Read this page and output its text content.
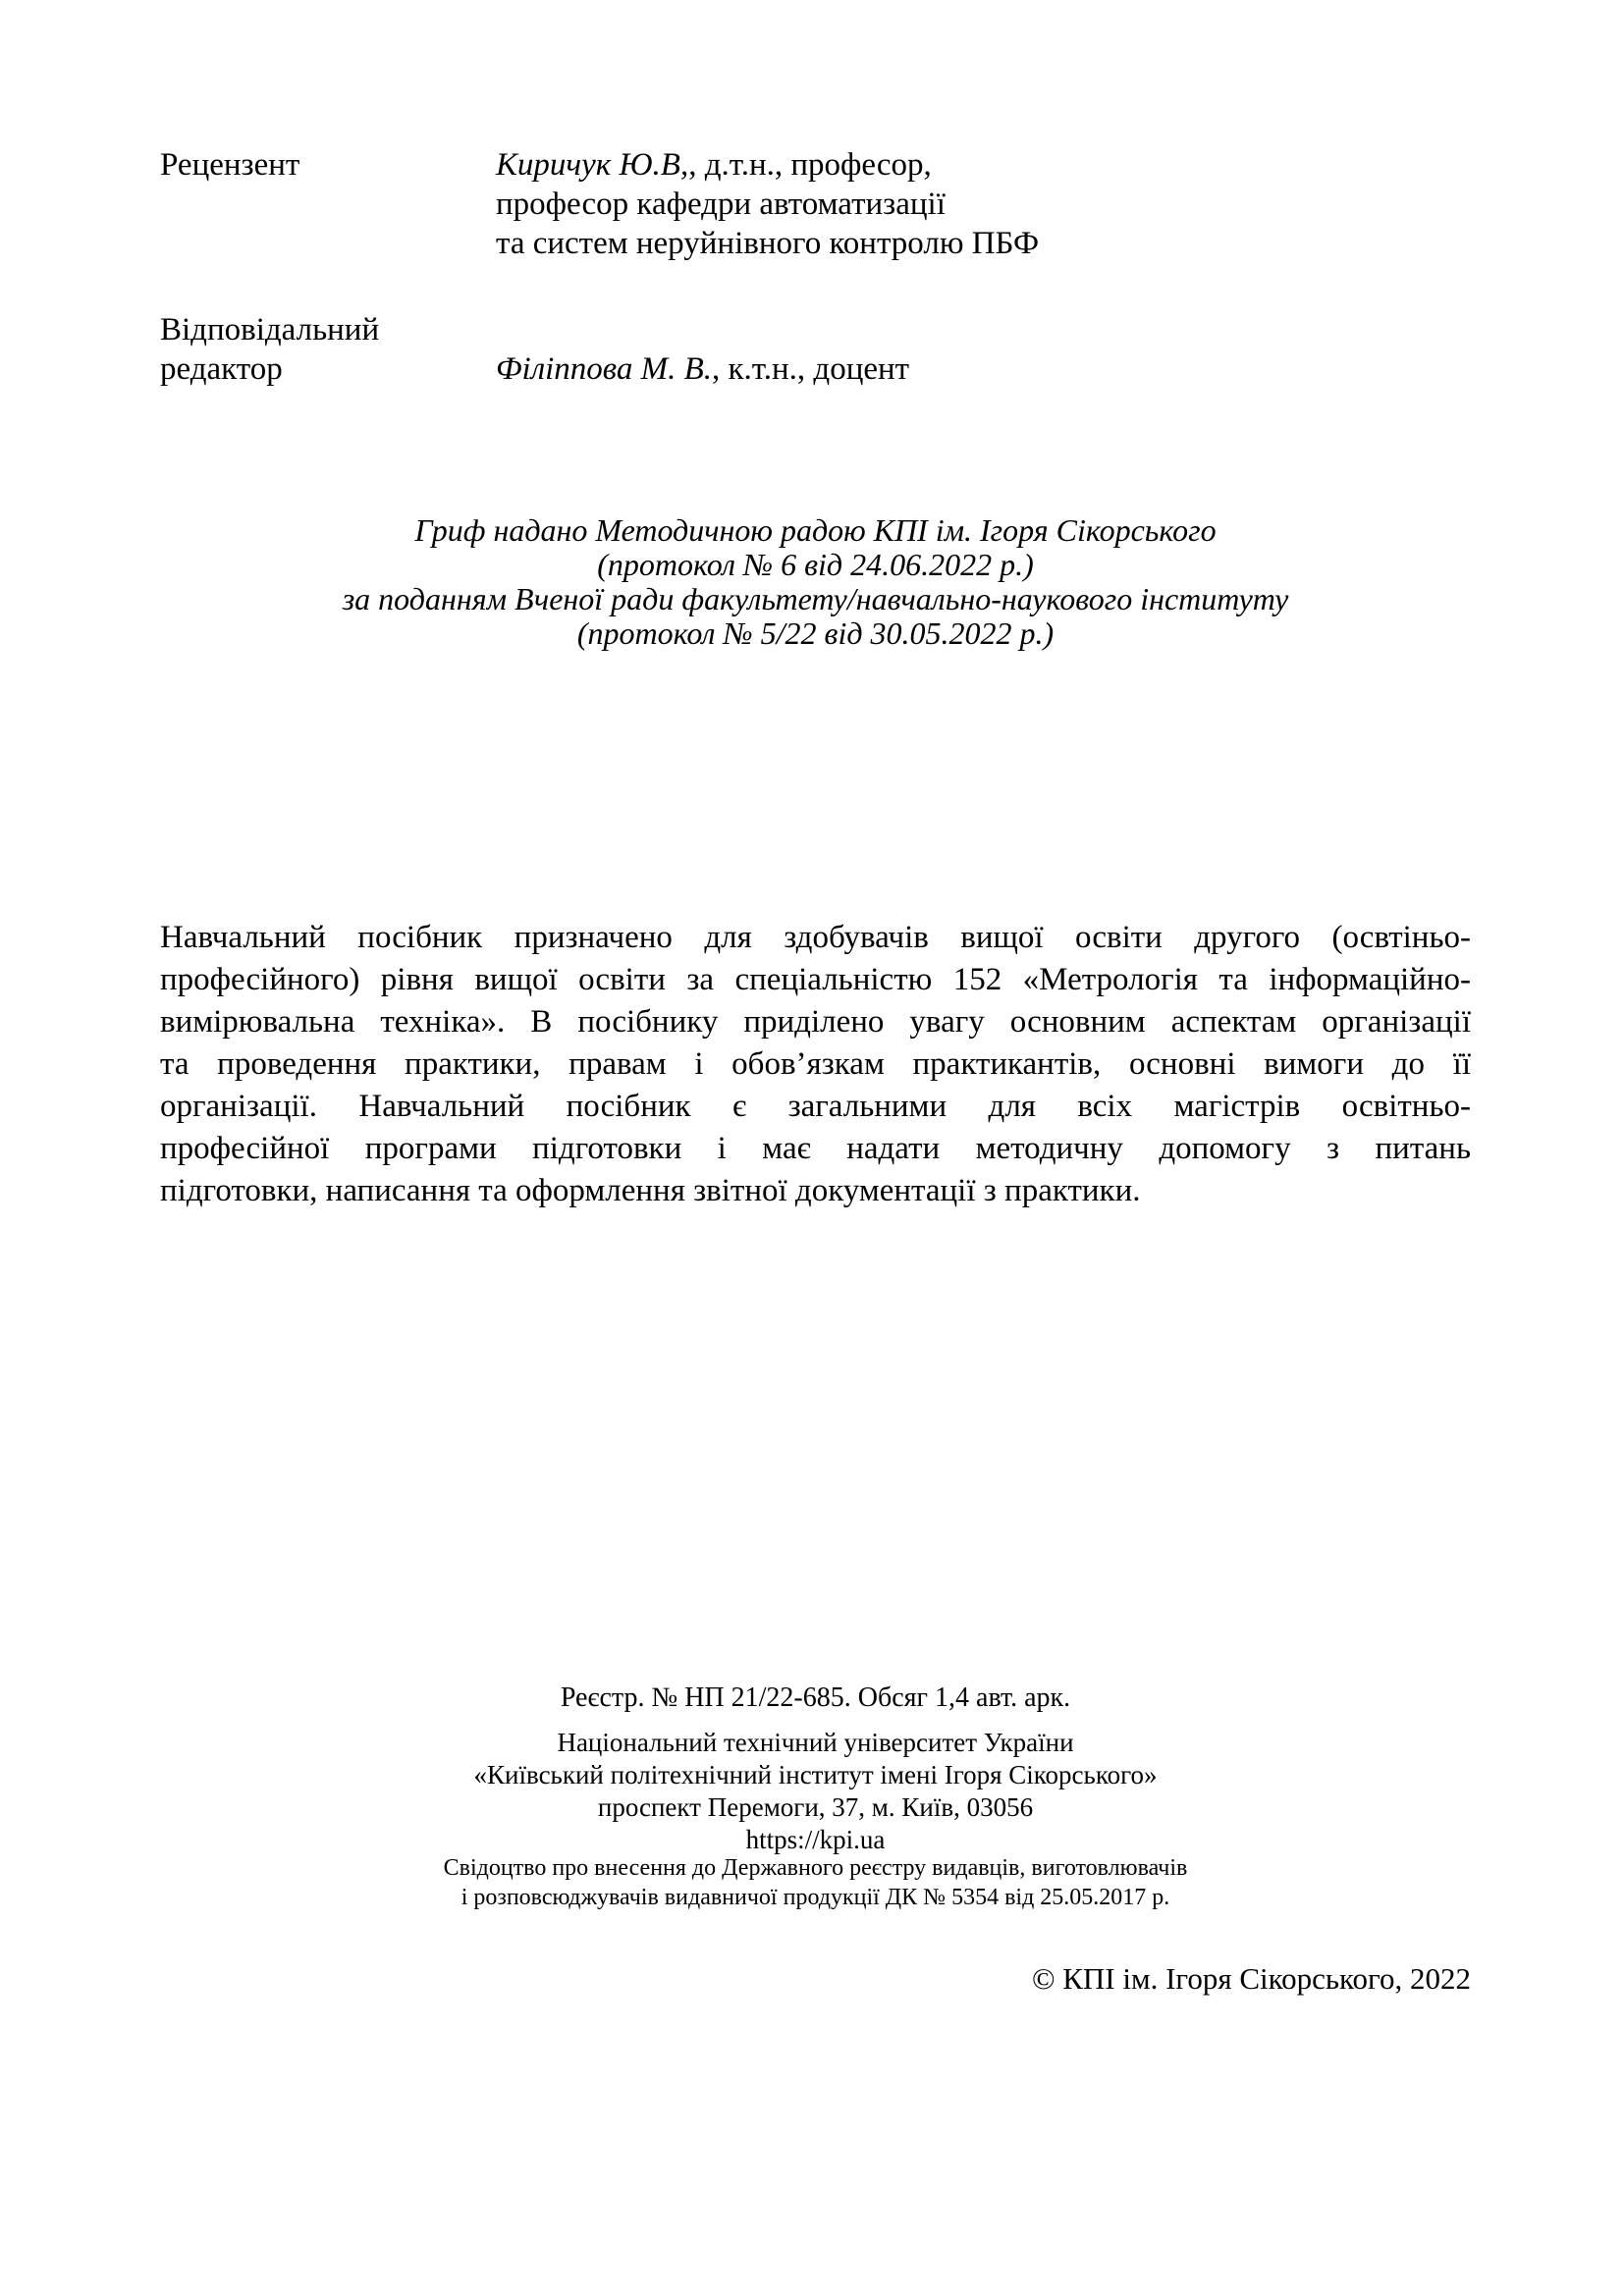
Рецензент	Киричук Ю.В,, д.т.н., професор,
професор кафедри автоматизації
та систем неруйнівного контролю ПБФ
Відповідальний
редактор	Філіппова М. В., к.т.н., доцент
Гриф надано Методичною радою КПІ ім. Ігоря Сікорського
(протокол № 6 від 24.06.2022 р.)
за поданням Вченої ради факультету/навчально-наукового інституту
(протокол № 5/22 від 30.05.2022 р.)
Навчальний посібник призначено для здобувачів вищої освіти другого (освтіньо-
професійного) рівня вищої освіти за спеціальністю 152 «Метрологія та інформаційно-
вимірювальна техніка». В посібнику приділено увагу основним аспектам організації
та проведення практики, правам і обов’язкам практикантів, основні вимоги до її
організації. Навчальний посібник є загальними для всіх магістрів освітньо-
професійної програми підготовки і має надати методичну допомогу з питань
підготовки, написання та оформлення звітної документації з практики.
Реєстр. № НП 21/22-685. Обсяг 1,4 авт. арк.
Національний технічний університет України
«Київський політехнічний інститут імені Ігоря Сікорського»
проспект Перемоги, 37, м. Київ, 03056
https://kpi.ua
Свідоцтво про внесення до Державного реєстру видавців, виготовлювачів
і розповсюджувачів видавничої продукції ДК № 5354 від 25.05.2017 р.
© КПІ ім. Ігоря Сікорського, 2022
